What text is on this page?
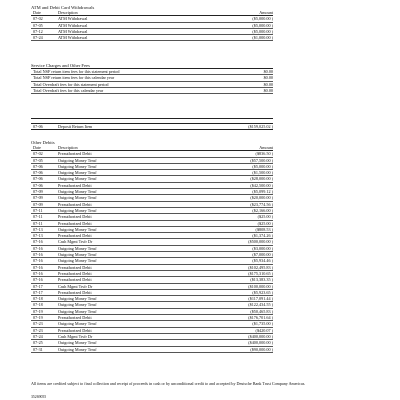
ATM and Debit Card Withdrawals
Date	Description	Amount
07-02	ATM Withdrawal	($5,000.00 )
07-05	ATM Withdrawal	($5,000.00 )
07-12	ATM Withdrawal	($5,000.00 )
07-24	ATM Withdrawal	($1,000.00 )
Service Charges and Other Fees
Total NSF return item fees for this statement period	$0.00
Total NSF return item fees for this calendar year	$0.00
Total Overdraft fees for this statement period	$0.00
Total Overdraft fees for this calendar year	$0.00
07-06	Deposit Return Item	($159,025.02 )
Other Debits
Date	Description	Amount
07-02	Preauthorized Debit	($836.50 )
07-05	Outgoing Money Trnsf	($57,500.00 )
07-06	Outgoing Money Trnsf	($5,000.00 )
07-06	Outgoing Money Trnsf	($1,500.00 )
07-06	Outgoing Money Trnsf	($28,000.00 )
07-06	Preauthorized Debit	($42,500.00 )
07-09	Outgoing Money Trnsf	($5,099.12 )
07-09	Outgoing Money Trnsf	($20,000.00 )
07-09	Preauthorized Debit	($23,774.56 )
07-11	Outgoing Money Trnsf	($2,166.00 )
07-11	Preauthorized Debit	($25.00 )
07-11	Preauthorized Debit	($25.00 )
07-13	Outgoing Money Trnsf	($808.53 )
07-13	Preauthorized Debit	($1,374.26 )
07-16	Cash Mgmt Trsfr Dr	($500,000.00 )
07-16	Outgoing Money Trnsf	($3,000.00 )
07-16	Outgoing Money Trnsf	($7,000.00 )
07-16	Outgoing Money Trnsf	($5,934.46 )
07-16	Preauthorized Debit	($102,495.83 )
07-16	Preauthorized Debit	($175,310.65 )
07-16	Preauthorized Debit	($13,383.35 )
07-17	Cash Mgmt Trsfr Dr	($100,000.00 )
07-17	Preauthorized Debit	($5,923.65 )
07-18	Outgoing Money Trnsf	($117,091.44 )
07-18	Outgoing Money Trnsf	($122,434.55 )
07-19	Outgoing Money Trnsf	($50,465.83 )
07-19	Preauthorized Debit	($176,701.64 )
07-23	Outgoing Money Trnsf	($1,735.00 )
07-23	Preauthorized Debit	($420.07 )
07-24	Cash Mgmt Trsfr Dr	($400,000.00 )
07-25	Outgoing Money Trnsf	($400,000.00 )
07-31	Outgoing Money Trnsf	($90,000.00 )
All items are credited subject to final collection and receipt of proceeds in cash or by unconditional credit to and accepted by Deutsche Bank Trust Company Americas.
35269055
